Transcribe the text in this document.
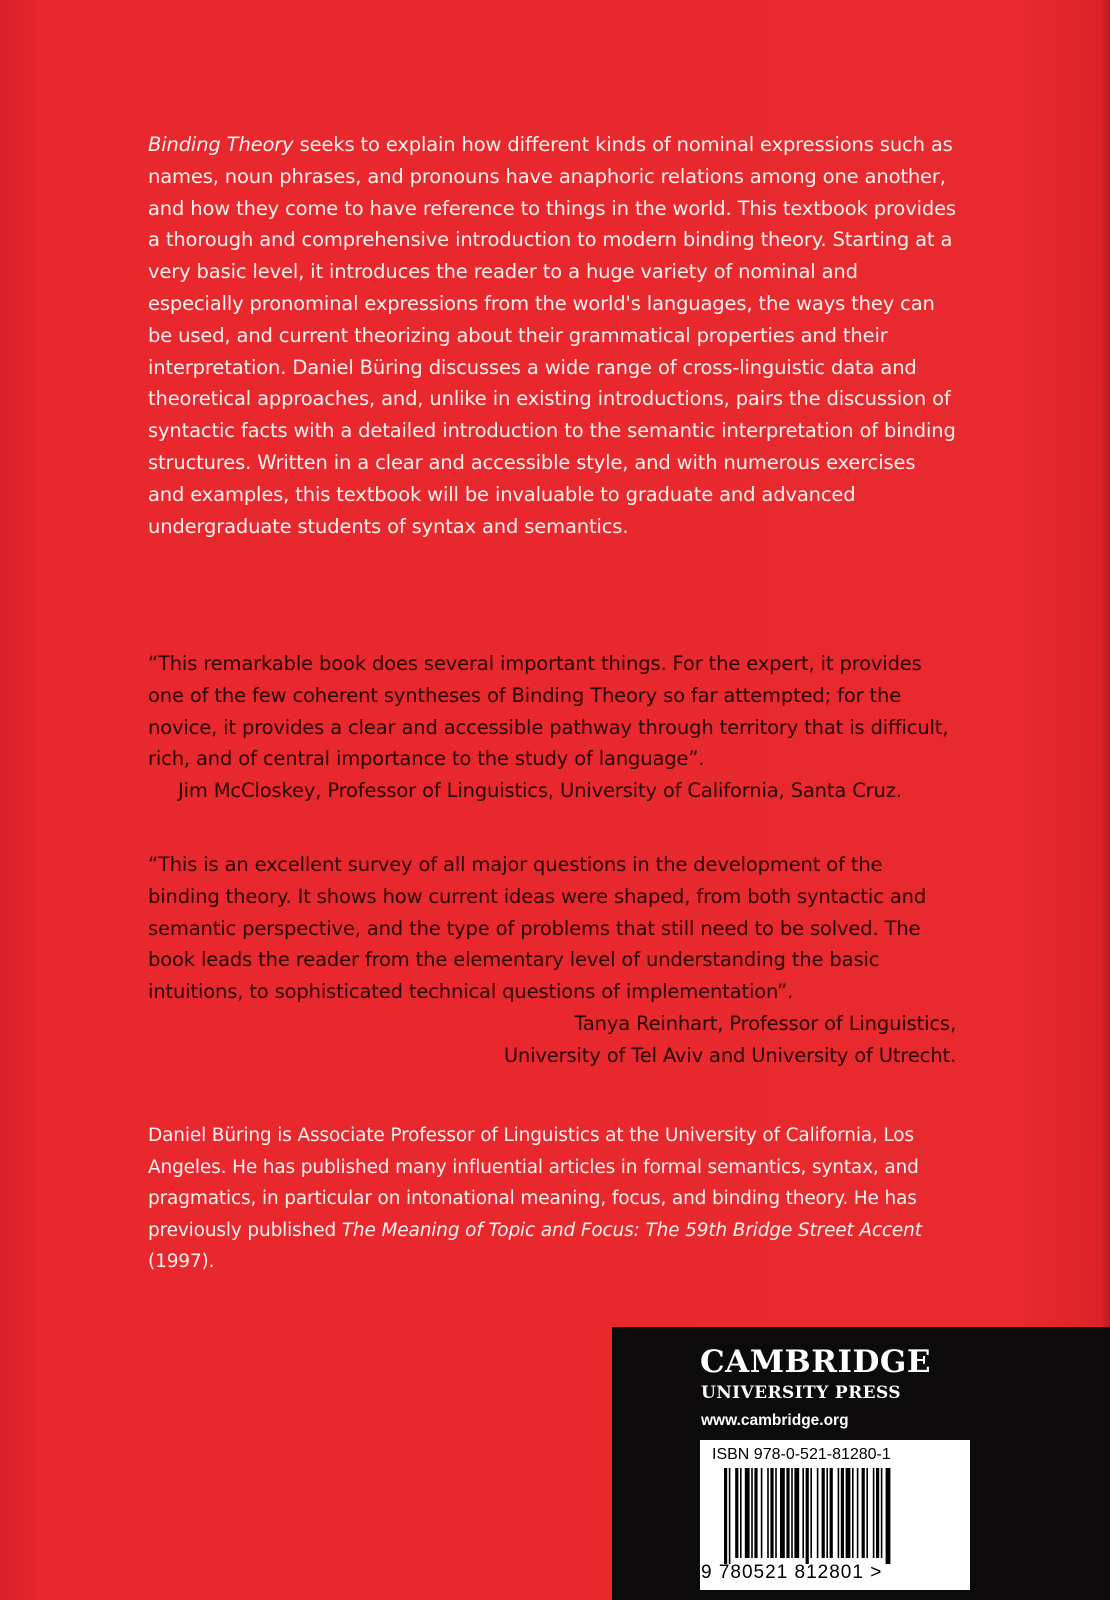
Binding Theory seeks to explain how different kinds of nominal expressions such as names, noun phrases, and pronouns have anaphoric relations among one another, and how they come to have reference to things in the world. This textbook provides a thorough and comprehensive introduction to modern binding theory. Starting at a very basic level, it introduces the reader to a huge variety of nominal and especially pronominal expressions from the world's languages, the ways they can be used, and current theorizing about their grammatical properties and their interpretation. Daniel Büring discusses a wide range of cross-linguistic data and theoretical approaches, and, unlike in existing introductions, pairs the discussion of syntactic facts with a detailed introduction to the semantic interpretation of binding structures. Written in a clear and accessible style, and with numerous exercises and examples, this textbook will be invaluable to graduate and advanced undergraduate students of syntax and semantics.

“This remarkable book does several important things. For the expert, it provides one of the few coherent syntheses of Binding Theory so far attempted; for the novice, it provides a clear and accessible pathway through territory that is difficult, rich, and of central importance to the study of language”.

Jim McCloskey, Professor of Linguistics, University of California, Santa Cruz.

“This is an excellent survey of all major questions in the development of the binding theory. It shows how current ideas were shaped, from both syntactic and semantic perspective, and the type of problems that still need to be solved. The book leads the reader from the elementary level of understanding the basic intuitions, to sophisticated technical questions of implementation”.

Tanya Reinhart, Professor of Linguistics,
University of Tel Aviv and University of Utrecht.

Daniel Büring is Associate Professor of Linguistics at the University of California, Los Angeles. He has published many influential articles in formal semantics, syntax, and pragmatics, in particular on intonational meaning, focus, and binding theory. He has previously published The Meaning of Topic and Focus: The 59th Bridge Street Accent (1997).

CAMBRIDGE
UNIVERSITY PRESS
www.cambridge.org
ISBN 978-0-521-81280-1
9 780521 812801 >
